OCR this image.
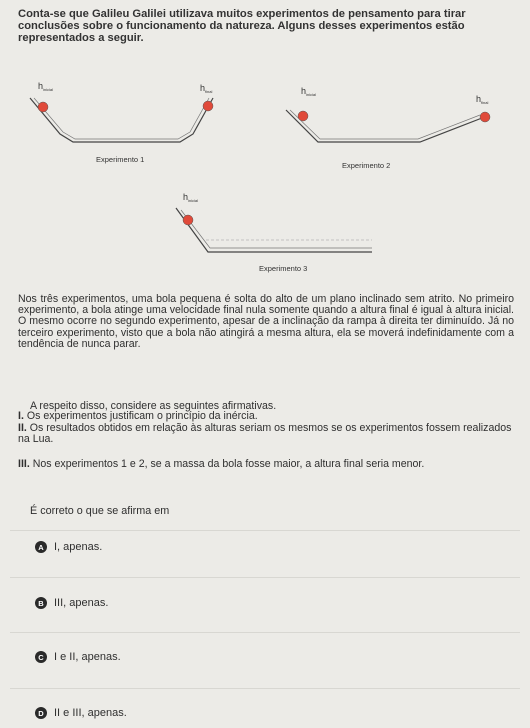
Conta-se que Galileu Galilei utilizava muitos experimentos de pensamento para tirar conclusões sobre o funcionamento da natureza. Alguns desses experimentos estão representados a seguir.
$h_{inicial}$	$h_{final}$
Experimento 1
$h_{inicial}$	$h_{final}$
Experimento 2
$h_{inicial}$
Experimento 3
Nos três experimentos, uma bola pequena é solta do alto de um plano inclinado sem atrito. No primeiro experimento, a bola atinge uma velocidade final nula somente quando a altura final é igual à altura inicial. O mesmo ocorre no segundo experimento, apesar de a inclinação da rampa à direita ter diminuído. Já no terceiro experimento, visto que a bola não atingirá a mesma altura, ela se moverá indefinidamente com a tendência de nunca parar.
A respeito disso, considere as seguintes afirmativas.
I. Os experimentos justificam o princípio da inércia.
II. Os resultados obtidos em relação às alturas seriam os mesmos se os experimentos fossem realizados na Lua.
III. Nos experimentos 1 e 2, se a massa da bola fosse maior, a altura final seria menor.
É correto o que se afirma em
A I, apenas.
B III, apenas.
C I e II, apenas.
D II e III, apenas.
